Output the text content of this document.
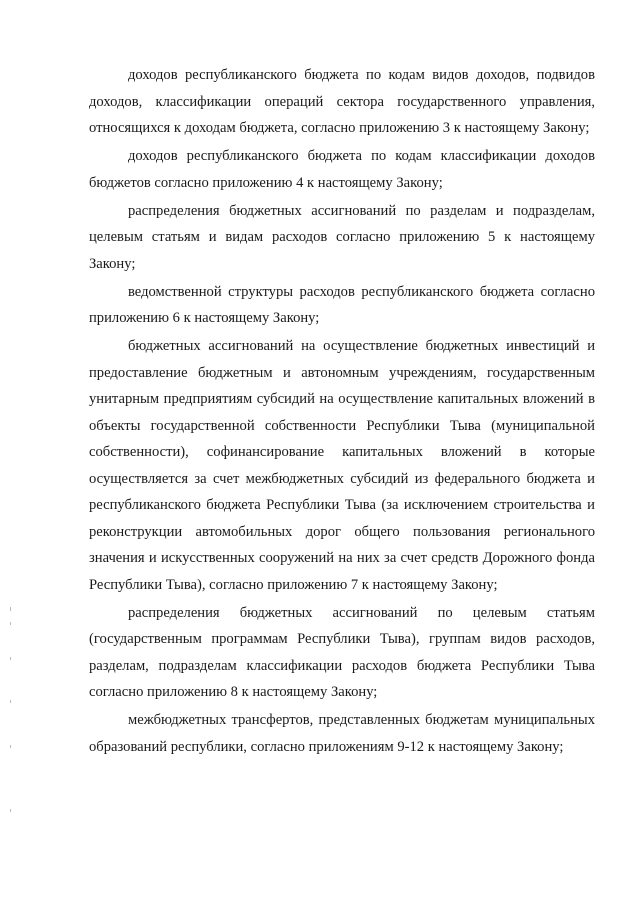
доходов республиканского бюджета по кодам видов доходов, подвидов доходов, классификации операций сектора государственного управления, относящихся к доходам бюджета, согласно приложению 3 к настоящему Закону;

доходов республиканского бюджета по кодам классификации доходов бюджетов согласно приложению 4 к настоящему Закону;

распределения бюджетных ассигнований по разделам и подразделам, целевым статьям и видам расходов согласно приложению 5 к настоящему Закону;

ведомственной структуры расходов республиканского бюджета согласно приложению 6 к настоящему Закону;

бюджетных ассигнований на осуществление бюджетных инвестиций и предоставление бюджетным и автономным учреждениям, государственным унитарным предприятиям субсидий на осуществление капитальных вложений в объекты государственной собственности Республики Тыва (муниципальной собственности), софинансирование капитальных вложений в которые осуществляется за счет межбюджетных субсидий из федерального бюджета и республиканского бюджета Республики Тыва (за исключением строительства и реконструкции автомобильных дорог общего пользования регионального значения и искусственных сооружений на них за счет средств Дорожного фонда Республики Тыва), согласно приложению 7 к настоящему Закону;

распределения бюджетных ассигнований по целевым статьям (государственным программам Республики Тыва), группам видов расходов, разделам, подразделам классификации расходов бюджета Республики Тыва согласно приложению 8 к настоящему Закону;

межбюджетных трансфертов, представленных бюджетам муниципальных образований республики, согласно приложениям 9-12 к настоящему Закону;
